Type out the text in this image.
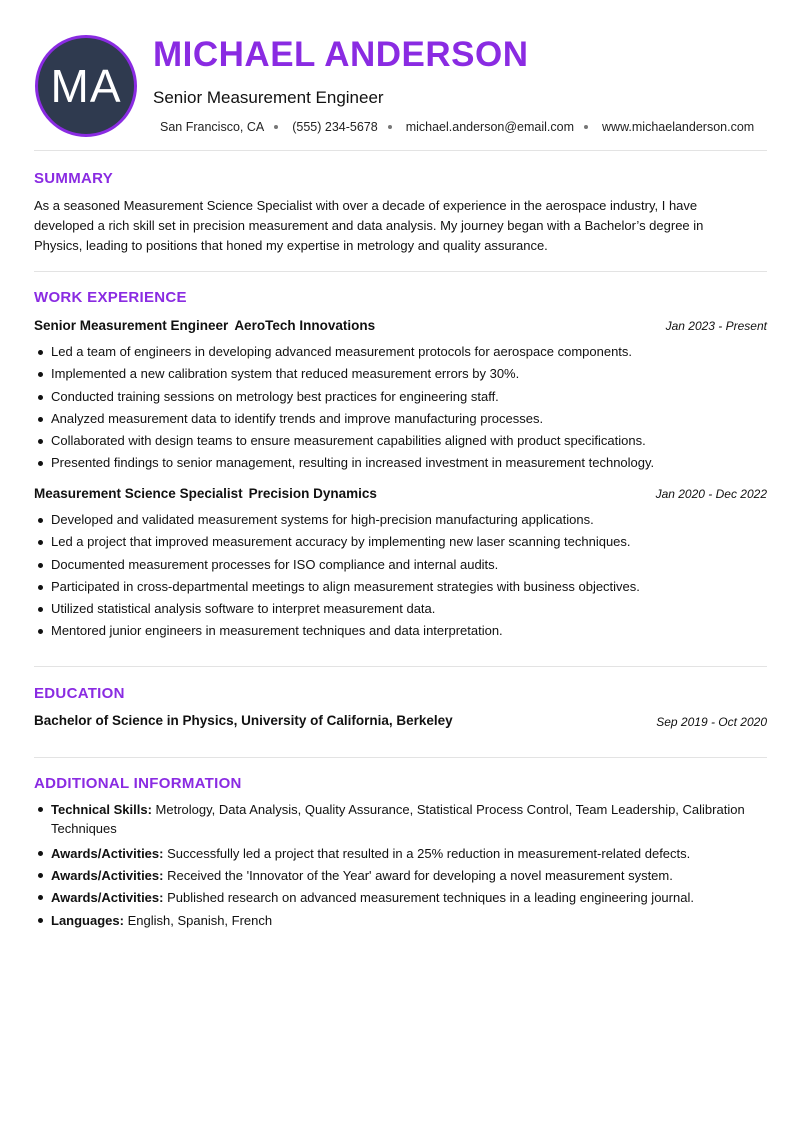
MA
MICHAEL ANDERSON
Senior Measurement Engineer
San Francisco, CA (555) 234-5678 michael.anderson@email.com www.michaelanderson.com
SUMMARY
As a seasoned Measurement Science Specialist with over a decade of experience in the aerospace industry, I have developed a rich skill set in precision measurement and data analysis. My journey began with a Bachelor’s degree in Physics, leading to positions that honed my expertise in metrology and quality assurance.
WORK EXPERIENCE
Senior Measurement Engineer AeroTech Innovations	Jan 2023 - Present
Led a team of engineers in developing advanced measurement protocols for aerospace components.
Implemented a new calibration system that reduced measurement errors by 30%.
Conducted training sessions on metrology best practices for engineering staff.
Analyzed measurement data to identify trends and improve manufacturing processes.
Collaborated with design teams to ensure measurement capabilities aligned with product specifications.
Presented findings to senior management, resulting in increased investment in measurement technology.
Measurement Science Specialist Precision Dynamics	Jan 2020 - Dec 2022
Developed and validated measurement systems for high-precision manufacturing applications.
Led a project that improved measurement accuracy by implementing new laser scanning techniques.
Documented measurement processes for ISO compliance and internal audits.
Participated in cross-departmental meetings to align measurement strategies with business objectives.
Utilized statistical analysis software to interpret measurement data.
Mentored junior engineers in measurement techniques and data interpretation.
EDUCATION
Bachelor of Science in Physics, University of California, Berkeley	Sep 2019 - Oct 2020
ADDITIONAL INFORMATION
Technical Skills: Metrology, Data Analysis, Quality Assurance, Statistical Process Control, Team Leadership, Calibration Techniques
Awards/Activities: Successfully led a project that resulted in a 25% reduction in measurement-related defects.
Awards/Activities: Received the 'Innovator of the Year' award for developing a novel measurement system.
Awards/Activities: Published research on advanced measurement techniques in a leading engineering journal.
Languages: English, Spanish, French
